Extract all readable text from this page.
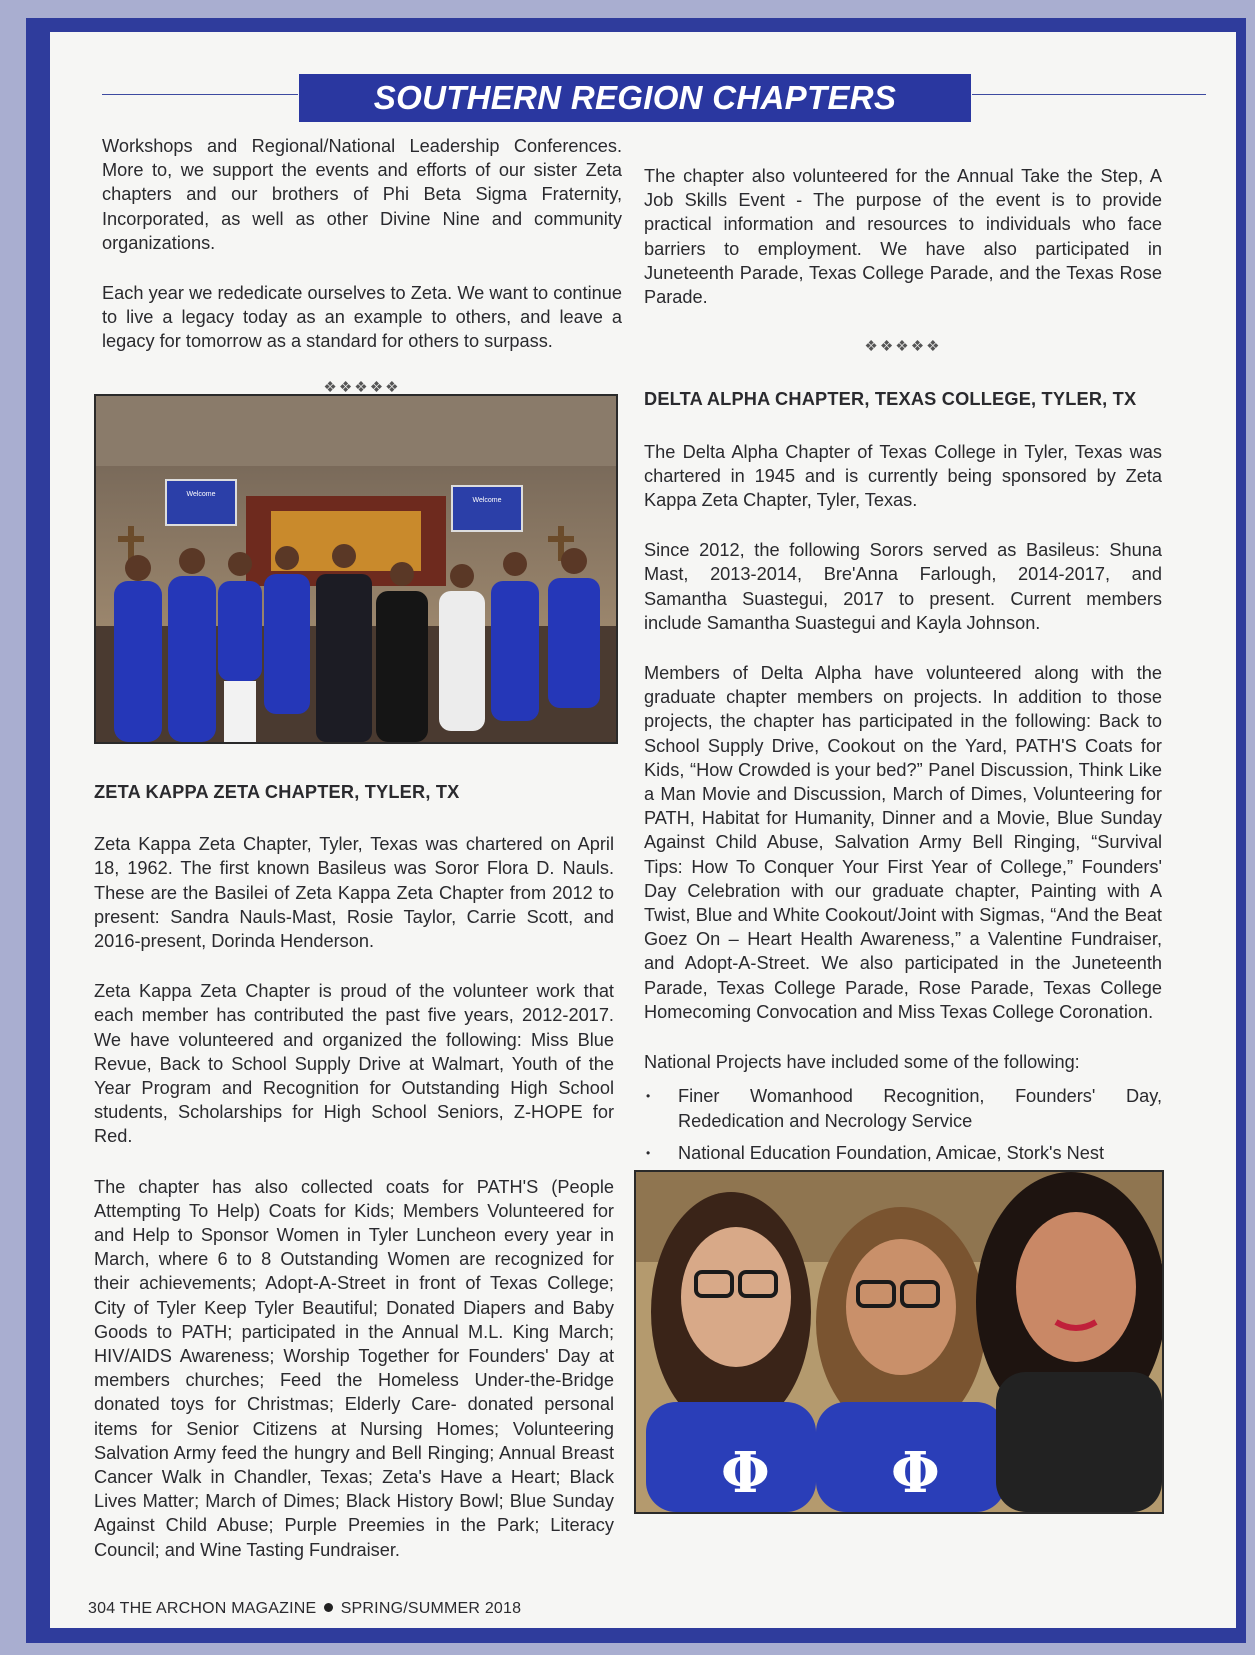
SOUTHERN REGION CHAPTERS

Workshops and Regional/National Leadership Conferences. More to, we support the events and efforts of our sister Zeta chapters and our brothers of Phi Beta Sigma Fraternity, Incorporated, as well as other Divine Nine and community organizations.

Each year we rededicate ourselves to Zeta. We want to continue to live a legacy today as an example to others, and leave a legacy for tomorrow as a standard for others to surpass.

❖❖❖❖❖
Welcome
Welcome
ZETA KAPPA ZETA CHAPTER, TYLER, TX

Zeta Kappa Zeta Chapter, Tyler, Texas was chartered on April 18, 1962. The first known Basileus was Soror Flora D. Nauls. These are the Basilei of Zeta Kappa Zeta Chapter from 2012 to present: Sandra Nauls-Mast, Rosie Taylor, Carrie Scott, and 2016-present, Dorinda Henderson.

Zeta Kappa Zeta Chapter is proud of the volunteer work that each member has contributed the past five years, 2012-2017. We have volunteered and organized the following: Miss Blue Revue, Back to School Supply Drive at Walmart, Youth of the Year Program and Recognition for Outstanding High School students, Scholarships for High School Seniors, Z-HOPE for Red.

The chapter has also collected coats for PATH'S (People Attempting To Help) Coats for Kids; Members Volunteered for and Help to Sponsor Women in Tyler Luncheon every year in March, where 6 to 8 Outstanding Women are recognized for their achievements; Adopt-A-Street in front of Texas College; City of Tyler Keep Tyler Beautiful; Donated Diapers and Baby Goods to PATH; participated in the Annual M.L. King March; HIV/AIDS Awareness; Worship Together for Founders' Day at members churches; Feed the Homeless Under-the-Bridge donated toys for Christmas; Elderly Care- donated personal items for Senior Citizens at Nursing Homes; Volunteering Salvation Army feed the hungry and Bell Ringing; Annual Breast Cancer Walk in Chandler, Texas; Zeta's Have a Heart; Black Lives Matter; March of Dimes; Black History Bowl; Blue Sunday Against Child Abuse; Purple Preemies in the Park; Literacy Council; and Wine Tasting Fundraiser.

The chapter also volunteered for the Annual Take the Step, A Job Skills Event - The purpose of the event is to provide practical information and resources to individuals who face barriers to employment. We have also participated in Juneteenth Parade, Texas College Parade, and the Texas Rose Parade.

❖❖❖❖❖
DELTA ALPHA CHAPTER, TEXAS COLLEGE, TYLER, TX

The Delta Alpha Chapter of Texas College in Tyler, Texas was chartered in 1945 and is currently being sponsored by Zeta Kappa Zeta Chapter, Tyler, Texas.

Since 2012, the following Sorors served as Basileus: Shuna Mast, 2013-2014, Bre'Anna Farlough, 2014-2017, and Samantha Suastegui, 2017 to present. Current members include Samantha Suastegui and Kayla Johnson.

Members of Delta Alpha have volunteered along with the graduate chapter members on projects. In addition to those projects, the chapter has participated in the following: Back to School Supply Drive, Cookout on the Yard, PATH'S Coats for Kids, “How Crowded is your bed?” Panel Discussion, Think Like a Man Movie and Discussion, March of Dimes, Volunteering for PATH, Habitat for Humanity, Dinner and a Movie, Blue Sunday Against Child Abuse, Salvation Army Bell Ringing, “Survival Tips: How To Conquer Your First Year of College,” Founders' Day Celebration with our graduate chapter, Painting with A Twist, Blue and White Cookout/Joint with Sigmas, “And the Beat Goez On – Heart Health Awareness,” a Valentine Fundraiser, and Adopt-A-Street. We also participated in the Juneteenth Parade, Texas College Parade, Rose Parade, Texas College Homecoming Convocation and Miss Texas College Coronation.

National Projects have included some of the following:

• Finer Womanhood Recognition, Founders' Day, Rededication and Necrology Service
• National Education Foundation, Amicae, Stork's Nest
•
Φ Φ
304 THE ARCHON MAGAZINE SPRING/SUMMER 2018
